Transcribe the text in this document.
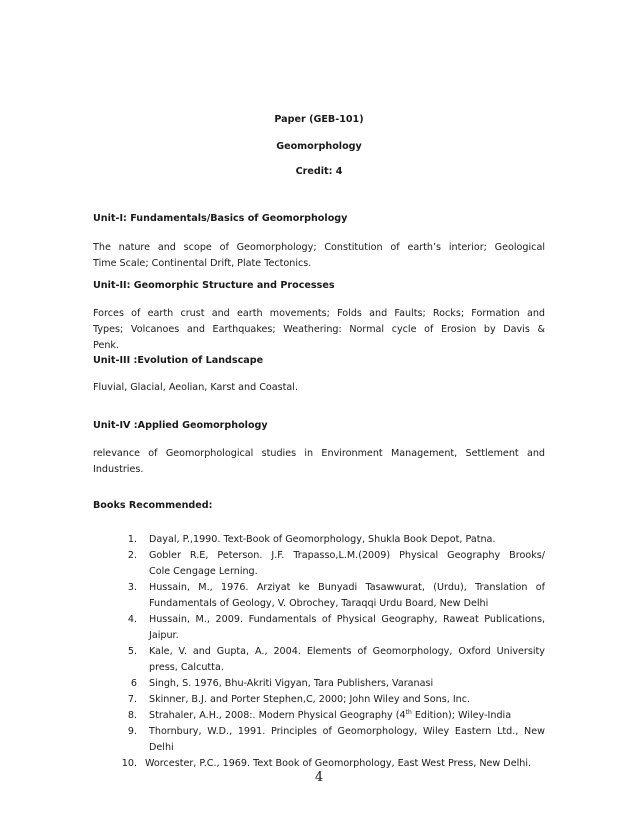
Paper (GEB-101)
Geomorphology
Credit: 4
Unit-I: Fundamentals/Basics of Geomorphology
The nature and scope of Geomorphology; Constitution of earth’s interior; Geological
Time Scale; Continental Drift, Plate Tectonics.
Unit-II: Geomorphic Structure and Processes
Forces of earth crust and earth movements; Folds and Faults; Rocks; Formation and
Types; Volcanoes and Earthquakes; Weathering: Normal cycle of Erosion by Davis &
Penk.
Unit-III :Evolution of Landscape
Fluvial, Glacial, Aeolian, Karst and Coastal.
Unit-IV :Applied Geomorphology
relevance of Geomorphological studies in Environment Management, Settlement and
Industries.
Books Recommended:
1. Dayal, P.,1990. Text-Book of Geomorphology, Shukla Book Depot, Patna.
2. Gobler R.E, Peterson. J.F. Trapasso,L.M.(2009) Physical Geography Brooks/
Cole Cengage Lerning.
3. Hussain, M., 1976. Arziyat ke Bunyadi Tasawwurat, (Urdu), Translation of
Fundamentals of Geology, V. Obrochey, Taraqqi Urdu Board, New Delhi
4. Hussain, M., 2009. Fundamentals of Physical Geography, Raweat Publications,
Jaipur.
5. Kale, V. and Gupta, A., 2004. Elements of Geomorphology, Oxford University
press, Calcutta.
6 Singh, S. 1976, Bhu-Akriti Vigyan, Tara Publishers, Varanasi
7. Skinner, B.J. and Porter Stephen,C, 2000; John Wiley and Sons, Inc.
8. Strahaler, A.H., 2008:. Modern Physical Geography (4th Edition); Wiley-India
9. Thornbury, W.D., 1991. Principles of Geomorphology, Wiley Eastern Ltd., New
Delhi
10. Worcester, P.C., 1969. Text Book of Geomorphology, East West Press, New Delhi.
4
